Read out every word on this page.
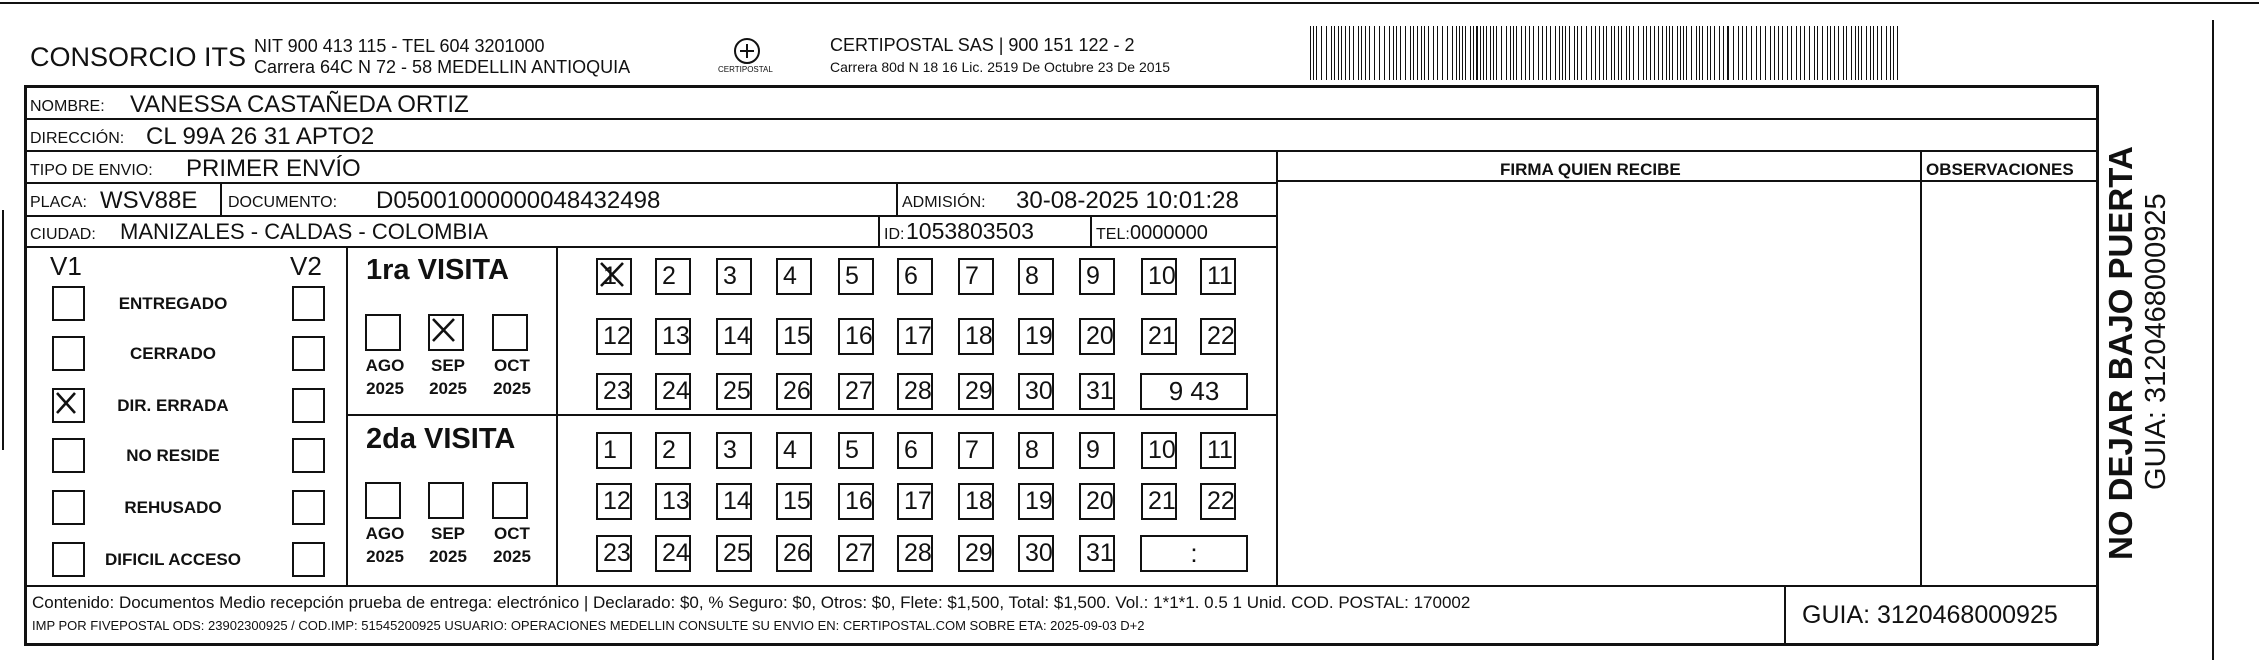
CONSORCIO ITS NIT 900 413 115 - TEL 604 3201000
Carrera 64C N 72 - 58 MEDELLIN ANTIOQUIA	CERTIPOSTAL
CERTIPOSTAL SAS | 900 151 122 - 2
Carrera 80d N 18 16 Lic. 2519 De Octubre 23 De 2015
NOMBRE: VANESSA CASTAÑEDA ORTIZ
DIRECCIÓN: CL 99A 26 31 APTO2
TIPO DE ENVIO: PRIMER ENVÍO
PLACA: WSV88E DOCUMENTO: D05001000000048432498	ADMISIÓN: 30-08-2025 10:01:28
CIUDAD: MANIZALES - CALDAS - COLOMBIA	ID: 1053803503	TEL: 0000000
FIRMA QUIEN RECIBE	OBSERVACIONES
V1	V2
ENTREGADO
CERRADO
DIR. ERRADA
NO RESIDE
REHUSADO
DIFICIL ACCESO
1ra VISITA
2da VISITA
AGO
2025
SEP
2025
OCT
2025
AGO
2025
SEP
2025
OCT
2025
1	2	3	4	5	6	7	8	9	10 11
12 13 14 15 16 17 18 19 20 21 22
23 24 25 26 27 28 29 30 31	9 43
1	2	3	4	5	6	7	8	9	10 11
12 13 14 15 16 17 18 19 20 21 22
23 24 25 26 27 28 29 30 31	:
Contenido: Documentos Medio recepción prueba de entrega: electrónico | Declarado: $0, % Seguro: $0, Otros: $0, Flete: $1,500, Total: $1,500. Vol.: 1*1*1. 0.5 1 Unid. COD. POSTAL: 170002
IMP POR FIVEPOSTAL ODS: 23902300925 / COD.IMP: 51545200925 USUARIO: OPERACIONES MEDELLIN CONSULTE SU ENVIO EN: CERTIPOSTAL.COM SOBRE ETA: 2025-09-03 D+2	GUIA: 3120468000925
NO DEJAR BAJO PUERTA GUIA: 3120468000925
